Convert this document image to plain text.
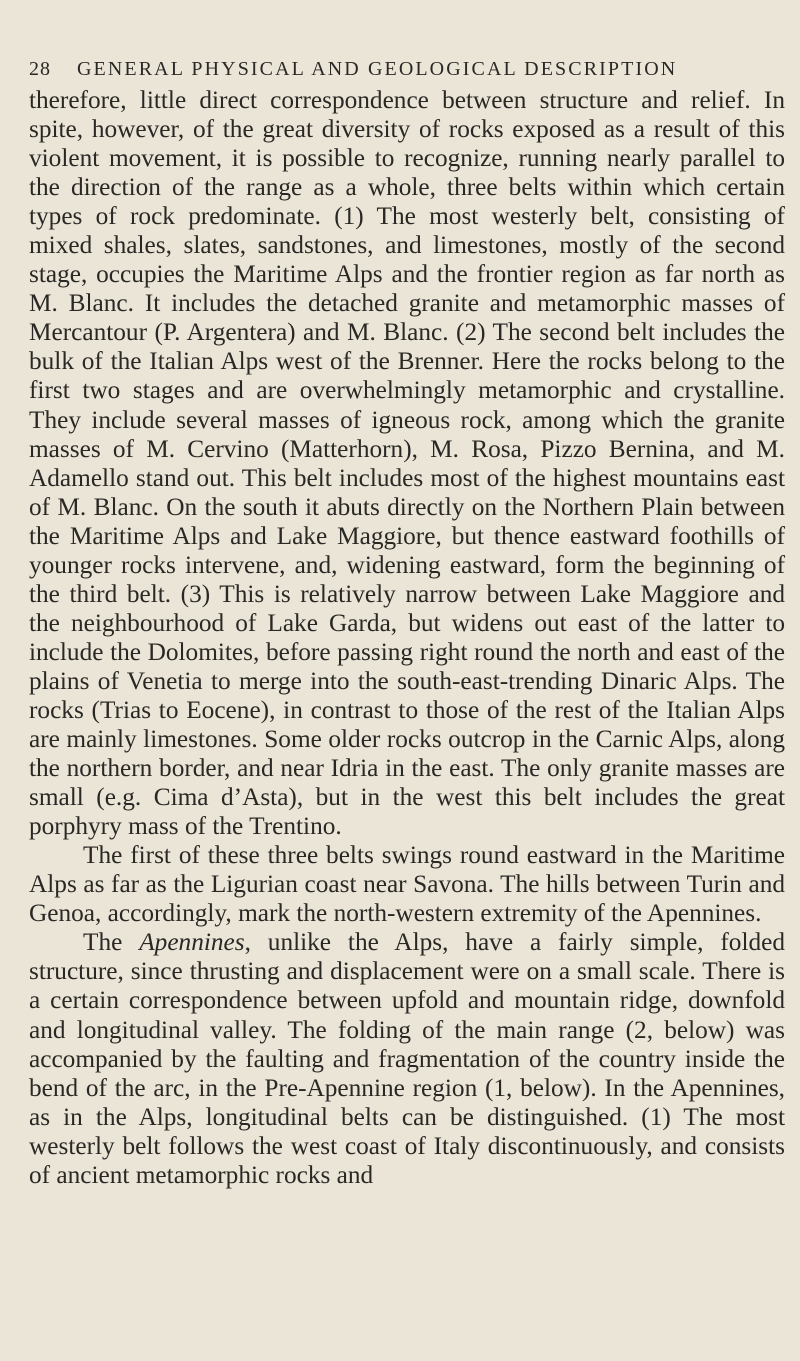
28 GENERAL PHYSICAL AND GEOLOGICAL DESCRIPTION

therefore, little direct correspondence between structure and relief. In spite, however, of the great diversity of rocks exposed as a result of this violent movement, it is possible to recognize, running nearly parallel to the direction of the range as a whole, three belts within which certain types of rock predominate. (1) The most westerly belt, consisting of mixed shales, slates, sandstones, and limestones, mostly of the second stage, occupies the Maritime Alps and the frontier region as far north as M. Blanc. It includes the detached granite and metamorphic masses of Mercantour (P. Argentera) and M. Blanc. (2) The second belt includes the bulk of the Italian Alps west of the Brenner. Here the rocks belong to the first two stages and are overwhelmingly metamorphic and crystalline. They include several masses of igneous rock, among which the granite masses of M. Cervino (Matterhorn), M. Rosa, Pizzo Bernina, and M. Adamello stand out. This belt includes most of the highest mountains east of M. Blanc. On the south it abuts directly on the Northern Plain between the Maritime Alps and Lake Maggiore, but thence eastward foothills of younger rocks intervene, and, widening eastward, form the beginning of the third belt. (3) This is relatively narrow between Lake Maggiore and the neighbourhood of Lake Garda, but widens out east of the latter to include the Dolomites, before passing right round the north and east of the plains of Venetia to merge into the south-east-trending Dinaric Alps. The rocks (Trias to Eocene), in contrast to those of the rest of the Italian Alps are mainly limestones. Some older rocks outcrop in the Carnic Alps, along the northern border, and near Idria in the east. The only granite masses are small (e.g. Cima d’Asta), but in the west this belt includes the great porphyry mass of the Trentino.

The first of these three belts swings round eastward in the Maritime Alps as far as the Ligurian coast near Savona. The hills between Turin and Genoa, accordingly, mark the north-western extremity of the Apennines.

The Apennines, unlike the Alps, have a fairly simple, folded structure, since thrusting and displacement were on a small scale. There is a certain correspondence between upfold and mountain ridge, downfold and longitudinal valley. The folding of the main range (2, below) was accompanied by the faulting and fragmentation of the country inside the bend of the arc, in the Pre-Apennine region (1, below). In the Apennines, as in the Alps, longitudinal belts can be distinguished. (1) The most westerly belt follows the west coast of Italy discontinuously, and consists of ancient metamorphic rocks and
